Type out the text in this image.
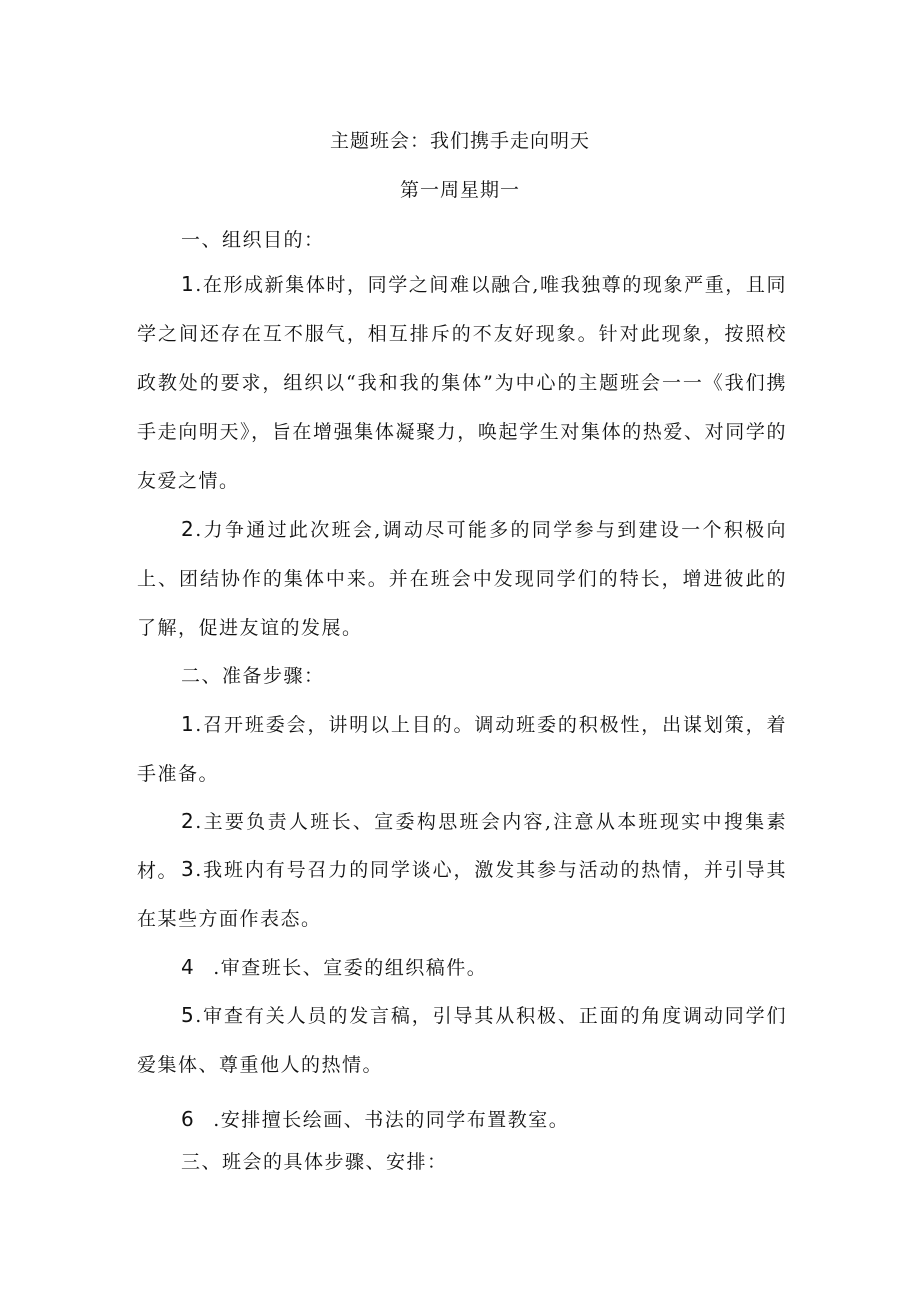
主题班会：我们携手走向明天
第一周星期一

一、组织目的：

1.在形成新集体时，同学之间难以融合,唯我独尊的现象严重，且同学之间还存在互不服气，相互排斥的不友好现象。针对此现象，按照校政教处的要求，组织以“我和我的集体”为中心的主题班会一一《我们携手走向明天》，旨在增强集体凝聚力，唤起学生对集体的热爱、对同学的友爱之情。

2.力争通过此次班会,调动尽可能多的同学参与到建设一个积极向上、团结协作的集体中来。并在班会中发现同学们的特长，增进彼此的了解，促进友谊的发展。

二、准备步骤：

1.召开班委会，讲明以上目的。调动班委的积极性，出谋划策，着手准备。

2.主要负责人班长、宣委构思班会内容,注意从本班现实中搜集素材。 3.我班内有号召力的同学谈心，激发其参与活动的热情，并引导其在某些方面作表态。

4 .审查班长、宣委的组织稿件。

5.审查有关人员的发言稿，引导其从积极、正面的角度调动同学们爱集体、尊重他人的热情。

6 .安排擅长绘画、书法的同学布置教室。

三、班会的具体步骤、安排：
